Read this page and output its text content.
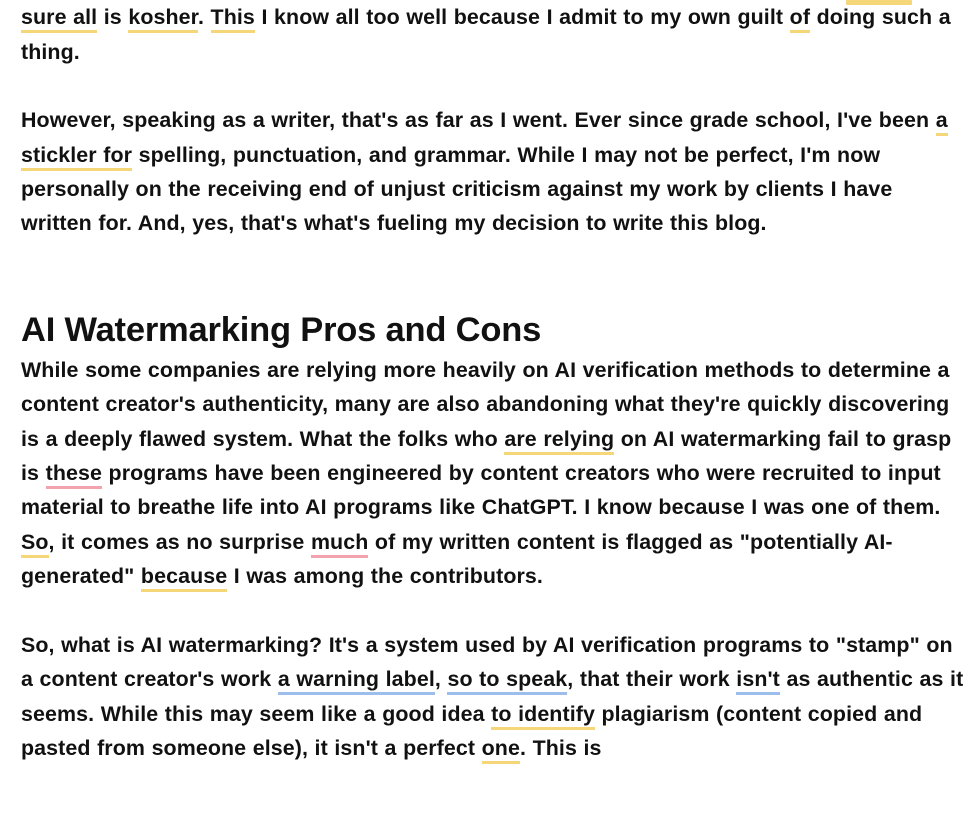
sure all is kosher. This I know all too well because I admit to my own guilt of doing such a thing.

However, speaking as a writer, that's as far as I went. Ever since grade school, I've been a stickler for spelling, punctuation, and grammar. While I may not be perfect, I'm now personally on the receiving end of unjust criticism against my work by clients I have written for. And, yes, that's what's fueling my decision to write this blog.

AI Watermarking Pros and Cons

While some companies are relying more heavily on AI verification methods to determine a content creator's authenticity, many are also abandoning what they're quickly discovering is a deeply flawed system. What the folks who are relying on AI watermarking fail to grasp is these programs have been engineered by content creators who were recruited to input material to breathe life into AI programs like ChatGPT. I know because I was one of them. So, it comes as no surprise much of my written content is flagged as "potentially AI-generated" because I was among the contributors.

So, what is AI watermarking? It's a system used by AI verification programs to "stamp" on a content creator's work a warning label, so to speak, that their work isn't as authentic as it seems. While this may seem like a good idea to identify plagiarism (content copied and pasted from someone else), it isn't a perfect one. This is
